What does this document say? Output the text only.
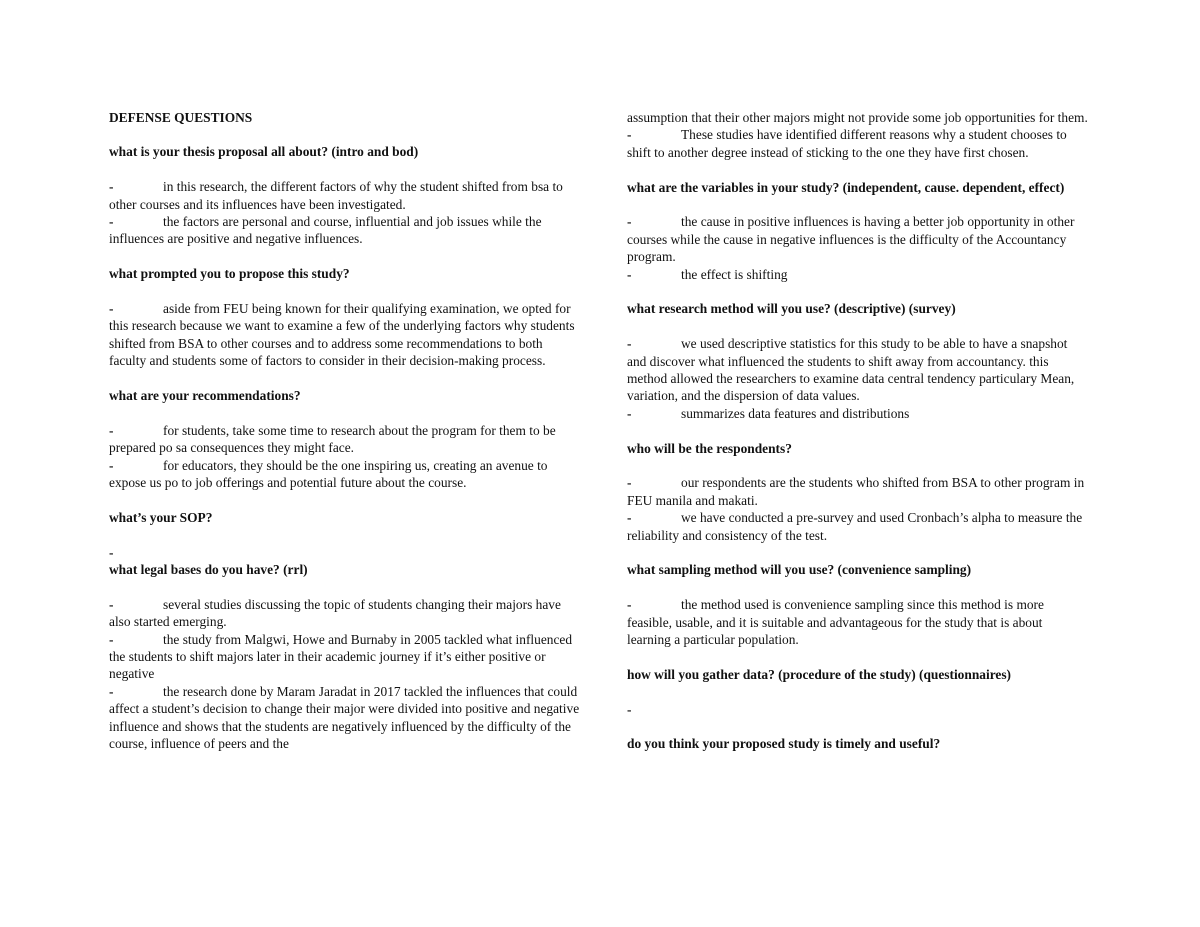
DEFENSE QUESTIONS

what is your thesis proposal all about? (intro and bod)

-	in this research, the different factors of why the student shifted from bsa to other courses and its influences have been investigated.

-	the factors are personal and course, influential and job issues while the influences are positive and negative influences.

what prompted you to propose this study?

-	aside from FEU being known for their qualifying examination, we opted for this research because we want to examine a few of the underlying factors why students shifted from BSA to other courses and to address some recommendations to both faculty and students some of factors to consider in their decision-making process.

what are your recommendations?

-	for students, take some time to research about the program for them to be prepared po sa consequences they might face.

-	for educators, they should be the one inspiring us, creating an avenue to expose us po to job offerings and potential future about the course.

what’s your SOP?

-

what legal bases do you have? (rrl)

-	several studies discussing the topic of students changing their majors have also started emerging.

-	the study from Malgwi, Howe and Burnaby in 2005 tackled what influenced the students to shift majors later in their academic journey if it’s either positive or negative

-	the research done by Maram Jaradat in 2017 tackled the influences that could affect a student’s decision to change their major were divided into positive and negative influence and shows that the students are negatively influenced by the difficulty of the course, influence of peers and the

assumption that their other majors might not provide some job opportunities for them.

-	These studies have identified different reasons why a student chooses to shift to another degree instead of sticking to the one they have first chosen.

what are the variables in your study? (independent, cause. dependent, effect)

-	the cause in positive influences is having a better job opportunity in other courses while the cause in negative influences is the difficulty of the Accountancy program.

-	the effect is shifting

what research method will you use? (descriptive) (survey)

-	we used descriptive statistics for this study to be able to have a snapshot and discover what influenced the students to shift away from accountancy. this method allowed the researchers to examine data central tendency particulary Mean, variation, and the dispersion of data values.

-	summarizes data features and distributions

who will be the respondents?

-	our respondents are the students who shifted from BSA to other program in FEU manila and makati.

-	we have conducted a pre-survey and used Cronbach’s alpha to measure the reliability and consistency of the test.

what sampling method will you use? (convenience sampling)

-	the method used is convenience sampling since this method is more feasible, usable, and it is suitable and advantageous for the study that is about learning a particular population.

how will you gather data? (procedure of the study) (questionnaires)

-

do you think your proposed study is timely and useful?
